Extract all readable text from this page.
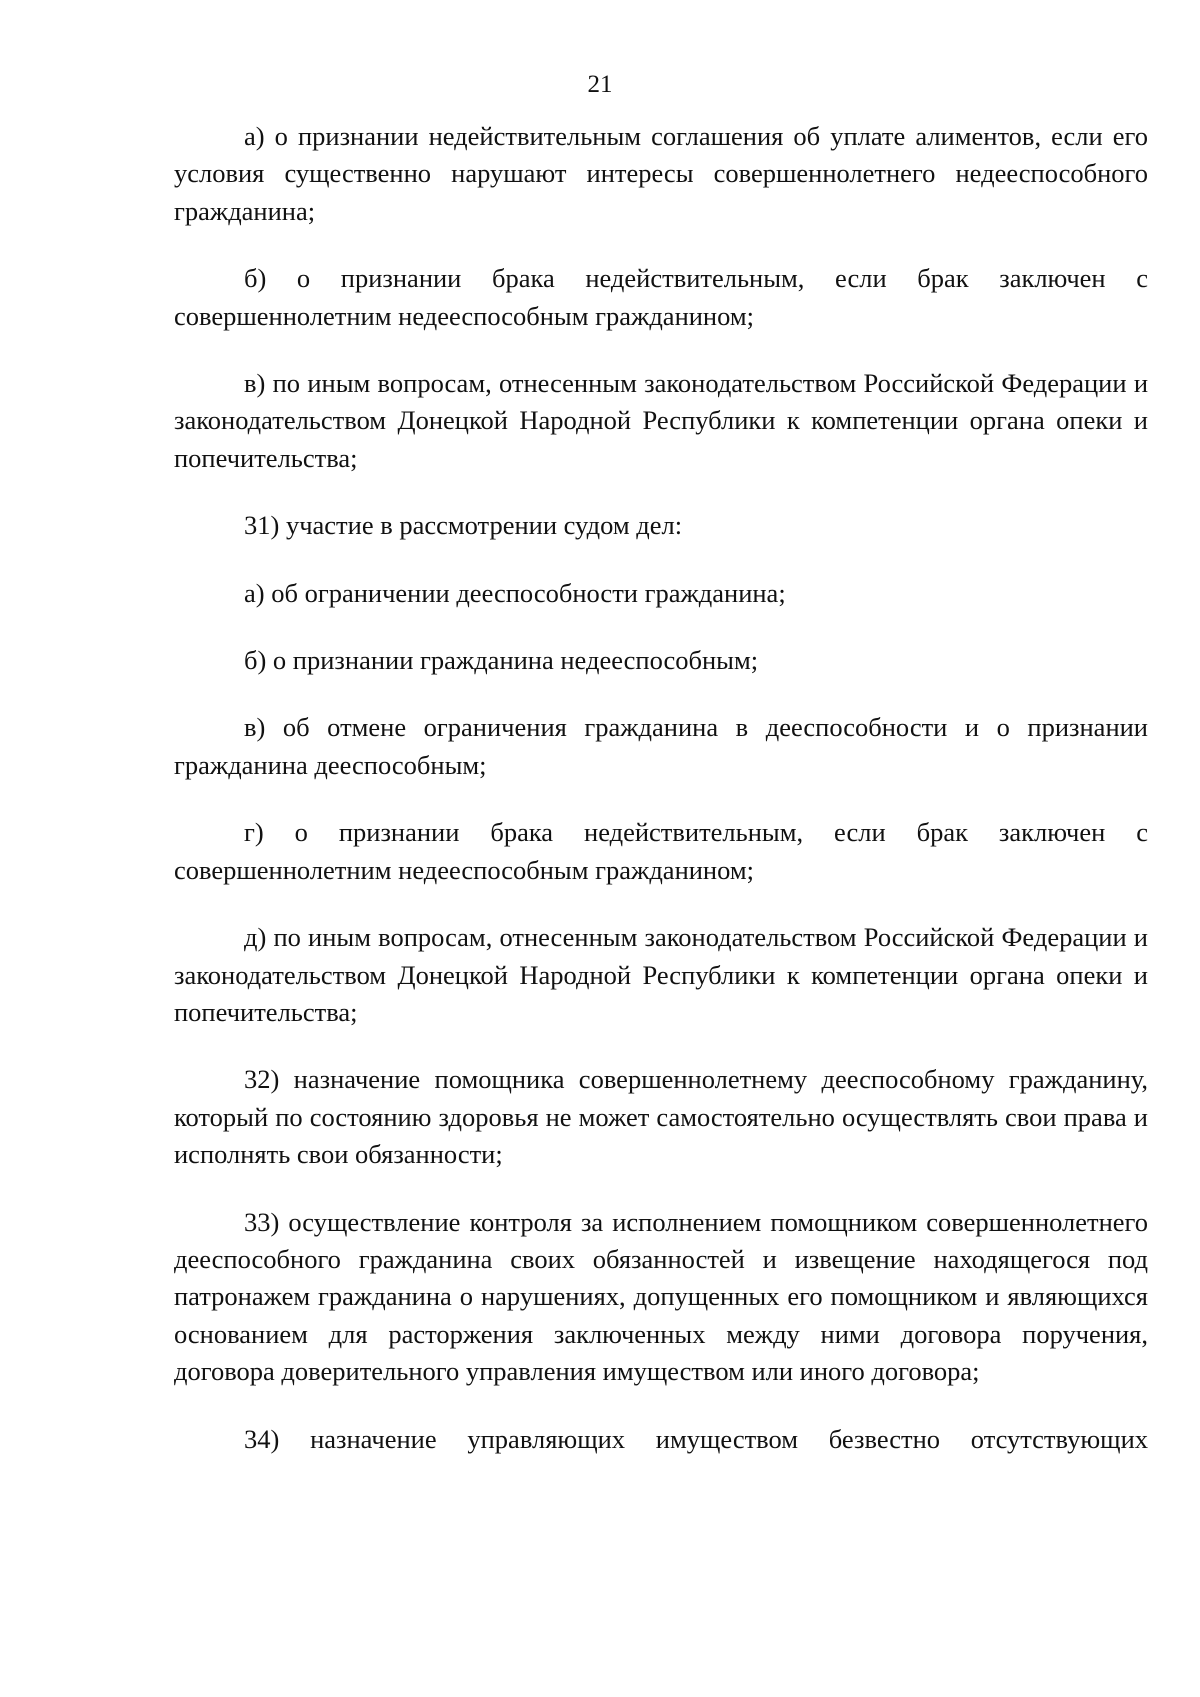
21

а) о признании недействительным соглашения об уплате алиментов, если его условия существенно нарушают интересы совершеннолетнего недееспособного гражданина;

б) о признании брака недействительным, если брак заключен с совершеннолетним недееспособным гражданином;

в) по иным вопросам, отнесенным законодательством Российской Федерации и законодательством Донецкой Народной Республики к компетенции органа опеки и попечительства;

31) участие в рассмотрении судом дел:

а) об ограничении дееспособности гражданина;

б) о признании гражданина недееспособным;

в) об отмене ограничения гражданина в дееспособности и о признании гражданина дееспособным;

г) о признании брака недействительным, если брак заключен с совершеннолетним недееспособным гражданином;

д) по иным вопросам, отнесенным законодательством Российской Федерации и законодательством Донецкой Народной Республики к компетенции органа опеки и попечительства;

32) назначение помощника совершеннолетнему дееспособному гражданину, который по состоянию здоровья не может самостоятельно осуществлять свои права и исполнять свои обязанности;

33) осуществление контроля за исполнением помощником совершеннолетнего дееспособного гражданина своих обязанностей и извещение находящегося под патронажем гражданина о нарушениях, допущенных его помощником и являющихся основанием для расторжения заключенных между ними договора поручения, договора доверительного управления имуществом или иного договора;

34) назначение управляющих имуществом безвестно отсутствующих
